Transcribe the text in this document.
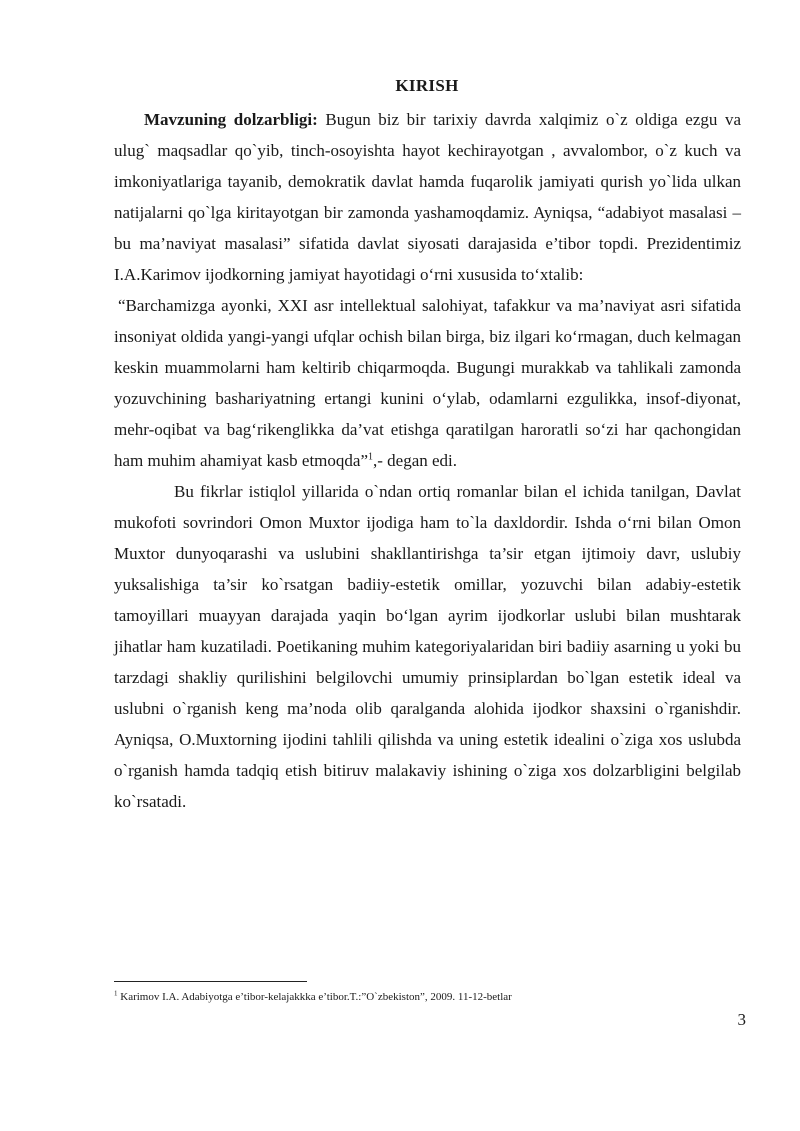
KIRISH

Mavzuning dolzarbligi: Bugun biz bir tarixiy davrda xalqimiz o`z oldiga ezgu va ulug` maqsadlar qo`yib, tinch-osoyishta hayot kechirayotgan , avvalombor, o`z kuch va imkoniyatlariga tayanib, demokratik davlat hamda fuqarolik jamiyati qurish yo`lida ulkan natijalarni qo`lga kiritayotgan bir zamonda yashamoqdamiz. Ayniqsa, “adabiyot masalasi – bu ma’naviyat masalasi” sifatida davlat siyosati darajasida e’tibor topdi. Prezidentimiz I.A.Karimov ijodkorning jamiyat hayotidagi o‘rni xususida to‘xtalib:

“Barchamizga ayonki, XXI asr intellektual salohiyat, tafakkur va ma’naviyat asri sifatida insoniyat oldida yangi-yangi ufqlar ochish bilan birga, biz ilgari ko‘rmagan, duch kelmagan keskin muammolarni ham keltirib chiqarmoqda. Bugungi murakkab va tahlikali zamonda yozuvchining bashariyatning ertangi kunini o‘ylab, odamlarni ezgulikka, insof-diyonat, mehr-oqibat va bag‘rikenglikka da’vat etishga qaratilgan haroratli so‘zi har qachongidan ham muhim ahamiyat kasb etmoqda”$^1$,- degan edi.

Bu fikrlar istiqlol yillarida o`ndan ortiq romanlar bilan el ichida tanilgan, Davlat mukofoti sovrindori Omon Muxtor ijodiga ham to`la daxldordir. Ishda o‘rni bilan Omon Muxtor dunyoqarashi va uslubini shakllantirishga ta’sir etgan ijtimoiy davr, uslubiy yuksalishiga ta’sir ko`rsatgan badiiy-estetik omillar, yozuvchi bilan adabiy-estetik tamoyillari muayyan darajada yaqin bo‘lgan ayrim ijodkorlar uslubi bilan mushtarak jihatlar ham kuzatiladi. Poetikaning muhim kategoriyalaridan biri badiiy asarning u yoki bu tarzdagi shakliy qurilishini belgilovchi umumiy prinsiplardan bo`lgan estetik ideal va uslubni o`rganish keng ma’noda olib qaralganda alohida ijodkor shaxsini o`rganishdir. Ayniqsa, O.Muxtorning ijodini tahlili qilishda va uning estetik idealini o`ziga xos uslubda o`rganish hamda tadqiq etish bitiruv malakaviy ishining o`ziga xos dolzarbligini belgilab ko`rsatadi.

$^1$ Karimov I.A. Adabiyotga e’tibor-kelajakkka e’tibor.T.:”O`zbekiston”, 2009. 11-12-betlar
3
